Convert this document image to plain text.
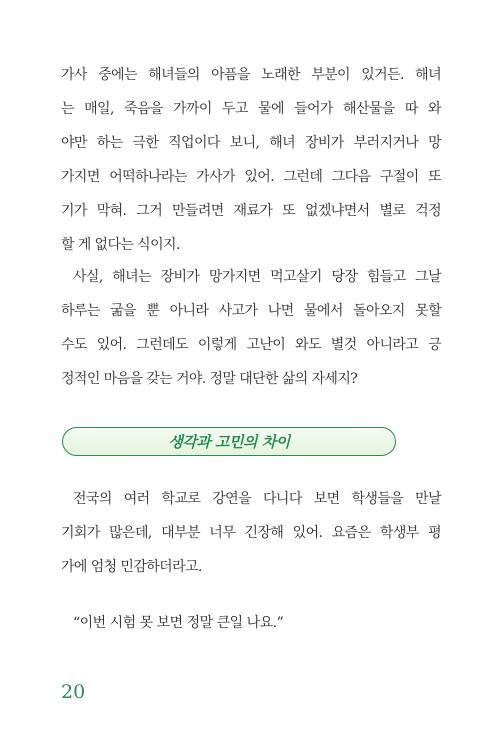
가사 중에는 해녀들의 아픔을 노래한 부분이 있거든. 해녀
는 매일, 죽음을 가까이 두고 물에 들어가 해산물을 따 와
야만 하는 극한 직업이다 보니, 해녀 장비가 부러지거나 망
가지면 어떡하나라는 가사가 있어. 그런데 그다음 구절이 또
기가 막혀. 그거 만들려면 재료가 또 없겠냐면서 별로 걱정
할 게 없다는 식이지.
사실, 해녀는 장비가 망가지면 먹고살기 당장 힘들고 그날
하루는 굶을 뿐 아니라 사고가 나면 물에서 돌아오지 못할
수도 있어. 그런데도 이렇게 고난이 와도 별것 아니라고 긍
정적인 마음을 갖는 거야. 정말 대단한 삶의 자세지?
생각과 고민의 차이
전국의 여러 학교로 강연을 다니다 보면 학생들을 만날
기회가 많은데, 대부분 너무 긴장해 있어. 요즘은 학생부 평
가에 엄청 민감하더라고.
“이번 시험 못 보면 정말 큰일 나요.”
20
